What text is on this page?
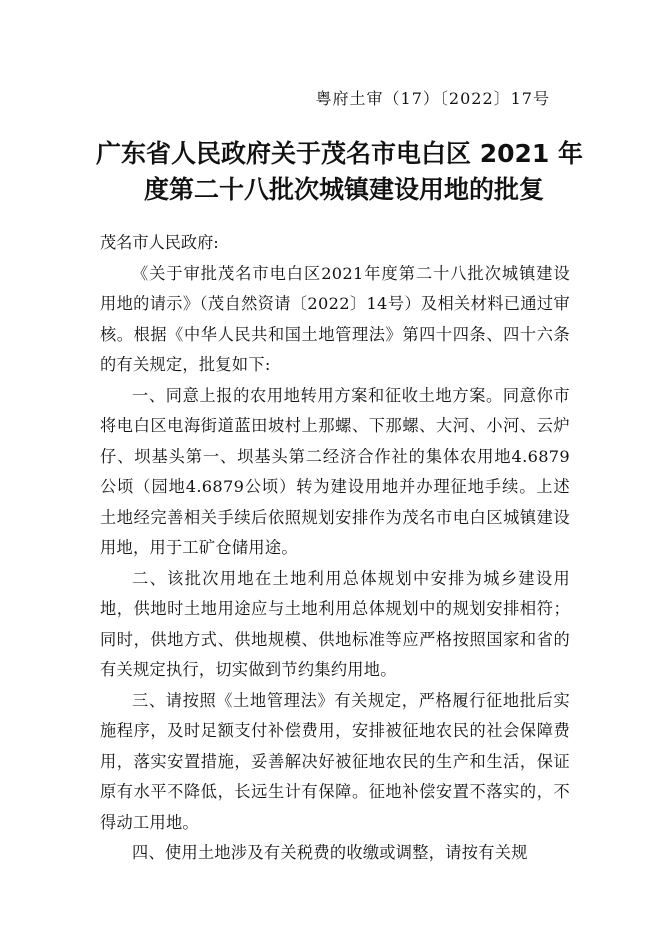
粤府土审（17）〔2022〕17号
广东省人民政府关于茂名市电白区 2021 年
度第二十八批次城镇建设用地的批复

茂名市人民政府:

《关于审批茂名市电白区2021年度第二十八批次城镇建设用地的请示》（茂自然资请〔2022〕14号）及相关材料已通过审核。根据《中华人民共和国土地管理法》第四十四条、四十六条的有关规定，批复如下:

一、同意上报的农用地转用方案和征收土地方案。同意你市将电白区电海街道蓝田坡村上那螺、下那螺、大河、小河、云炉仔、坝基头第一、坝基头第二经济合作社的集体农用地4.6879公顷（园地4.6879公顷）转为建设用地并办理征地手续。上述土地经完善相关手续后依照规划安排作为茂名市电白区城镇建设用地，用于工矿仓储用途。

二、该批次用地在土地利用总体规划中安排为城乡建设用地，供地时土地用途应与土地利用总体规划中的规划安排相符；同时，供地方式、供地规模、供地标准等应严格按照国家和省的有关规定执行，切实做到节约集约用地。

三、请按照《土地管理法》有关规定，严格履行征地批后实施程序，及时足额支付补偿费用，安排被征地农民的社会保障费用，落实安置措施，妥善解决好被征地农民的生产和生活，保证原有水平不降低，长远生计有保障。征地补偿安置不落实的，不得动工用地。

四、使用土地涉及有关税费的收缴或调整，请按有关规
